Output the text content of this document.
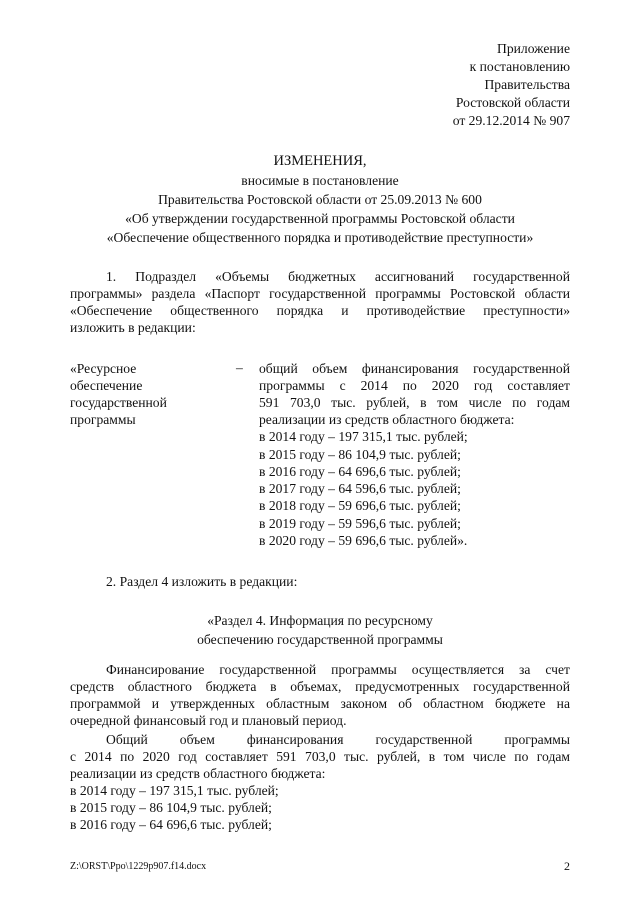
Приложение
к постановлению
Правительства
Ростовской области
от 29.12.2014 № 907
ИЗМЕНЕНИЯ,
вносимые в постановление
Правительства Ростовской области от 25.09.2013 № 600
«Об утверждении государственной программы Ростовской области
«Обеспечение общественного порядка и противодействие преступности»
1. Подраздел «Объемы бюджетных ассигнований государственной
программы» раздела «Паспорт государственной программы Ростовской области
«Обеспечение общественного порядка и противодействие преступности»
изложить в редакции:
«Ресурсное
обеспечение
государственной
программы
– общий объем финансирования государственной
программы с 2014 по 2020 год составляет
591 703,0 тыс. рублей, в том числе по годам
реализации из средств областного бюджета:
в 2014 году – 197 315,1 тыс. рублей;
в 2015 году – 86 104,9 тыс. рублей;
в 2016 году – 64 696,6 тыс. рублей;
в 2017 году – 64 596,6 тыс. рублей;
в 2018 году – 59 696,6 тыс. рублей;
в 2019 году – 59 596,6 тыс. рублей;
в 2020 году – 59 696,6 тыс. рублей».
2. Раздел 4 изложить в редакции:
«Раздел 4. Информация по ресурсному
обеспечению государственной программы
Финансирование государственной программы осуществляется за счет
средств областного бюджета в объемах, предусмотренных государственной
программой и утвержденных областным законом об областном бюджете на
очередной финансовый год и плановый период.
Общий объем финансирования государственной программы
с 2014 по 2020 год составляет 591 703,0 тыс. рублей, в том числе по годам
реализации из средств областного бюджета:
в 2014 году – 197 315,1 тыс. рублей;
в 2015 году – 86 104,9 тыс. рублей;
в 2016 году – 64 696,6 тыс. рублей;
Z:\ORST\Ppo\1229p907.f14.docx	2
